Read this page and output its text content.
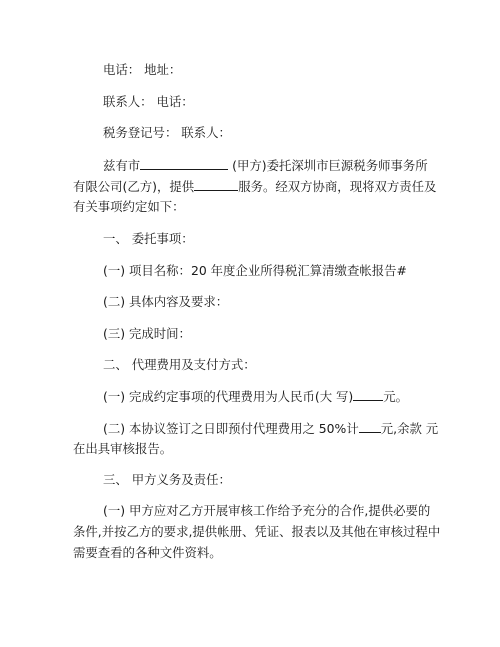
电话： 地址：
联系人： 电话：
税务登记号： 联系人：
兹有市	(甲方)委托深圳市巨源税务师事务所
有限公司(乙方)，提供	服务。经双方协商，现将双方责任及
有关事项约定如下：
一、 委托事项：
(一) 项目名称：20 年度企业所得税汇算清缴查帐报告#
(二) 具体内容及要求：
(三) 完成时间：
二、 代理费用及支付方式：
(一) 完成约定事项的代理费用为人民币(大 写) 元。
(二) 本协议签订之日即预付代理费用之 50%计 元,余款 元
在出具审核报告。
三、 甲方义务及责任：
(一) 甲方应对乙方开展审核工作给予充分的合作,提供必要的
条件,并按乙方的要求,提供帐册、凭证、报表以及其他在审核过程中
需要查看的各种文件资料。
